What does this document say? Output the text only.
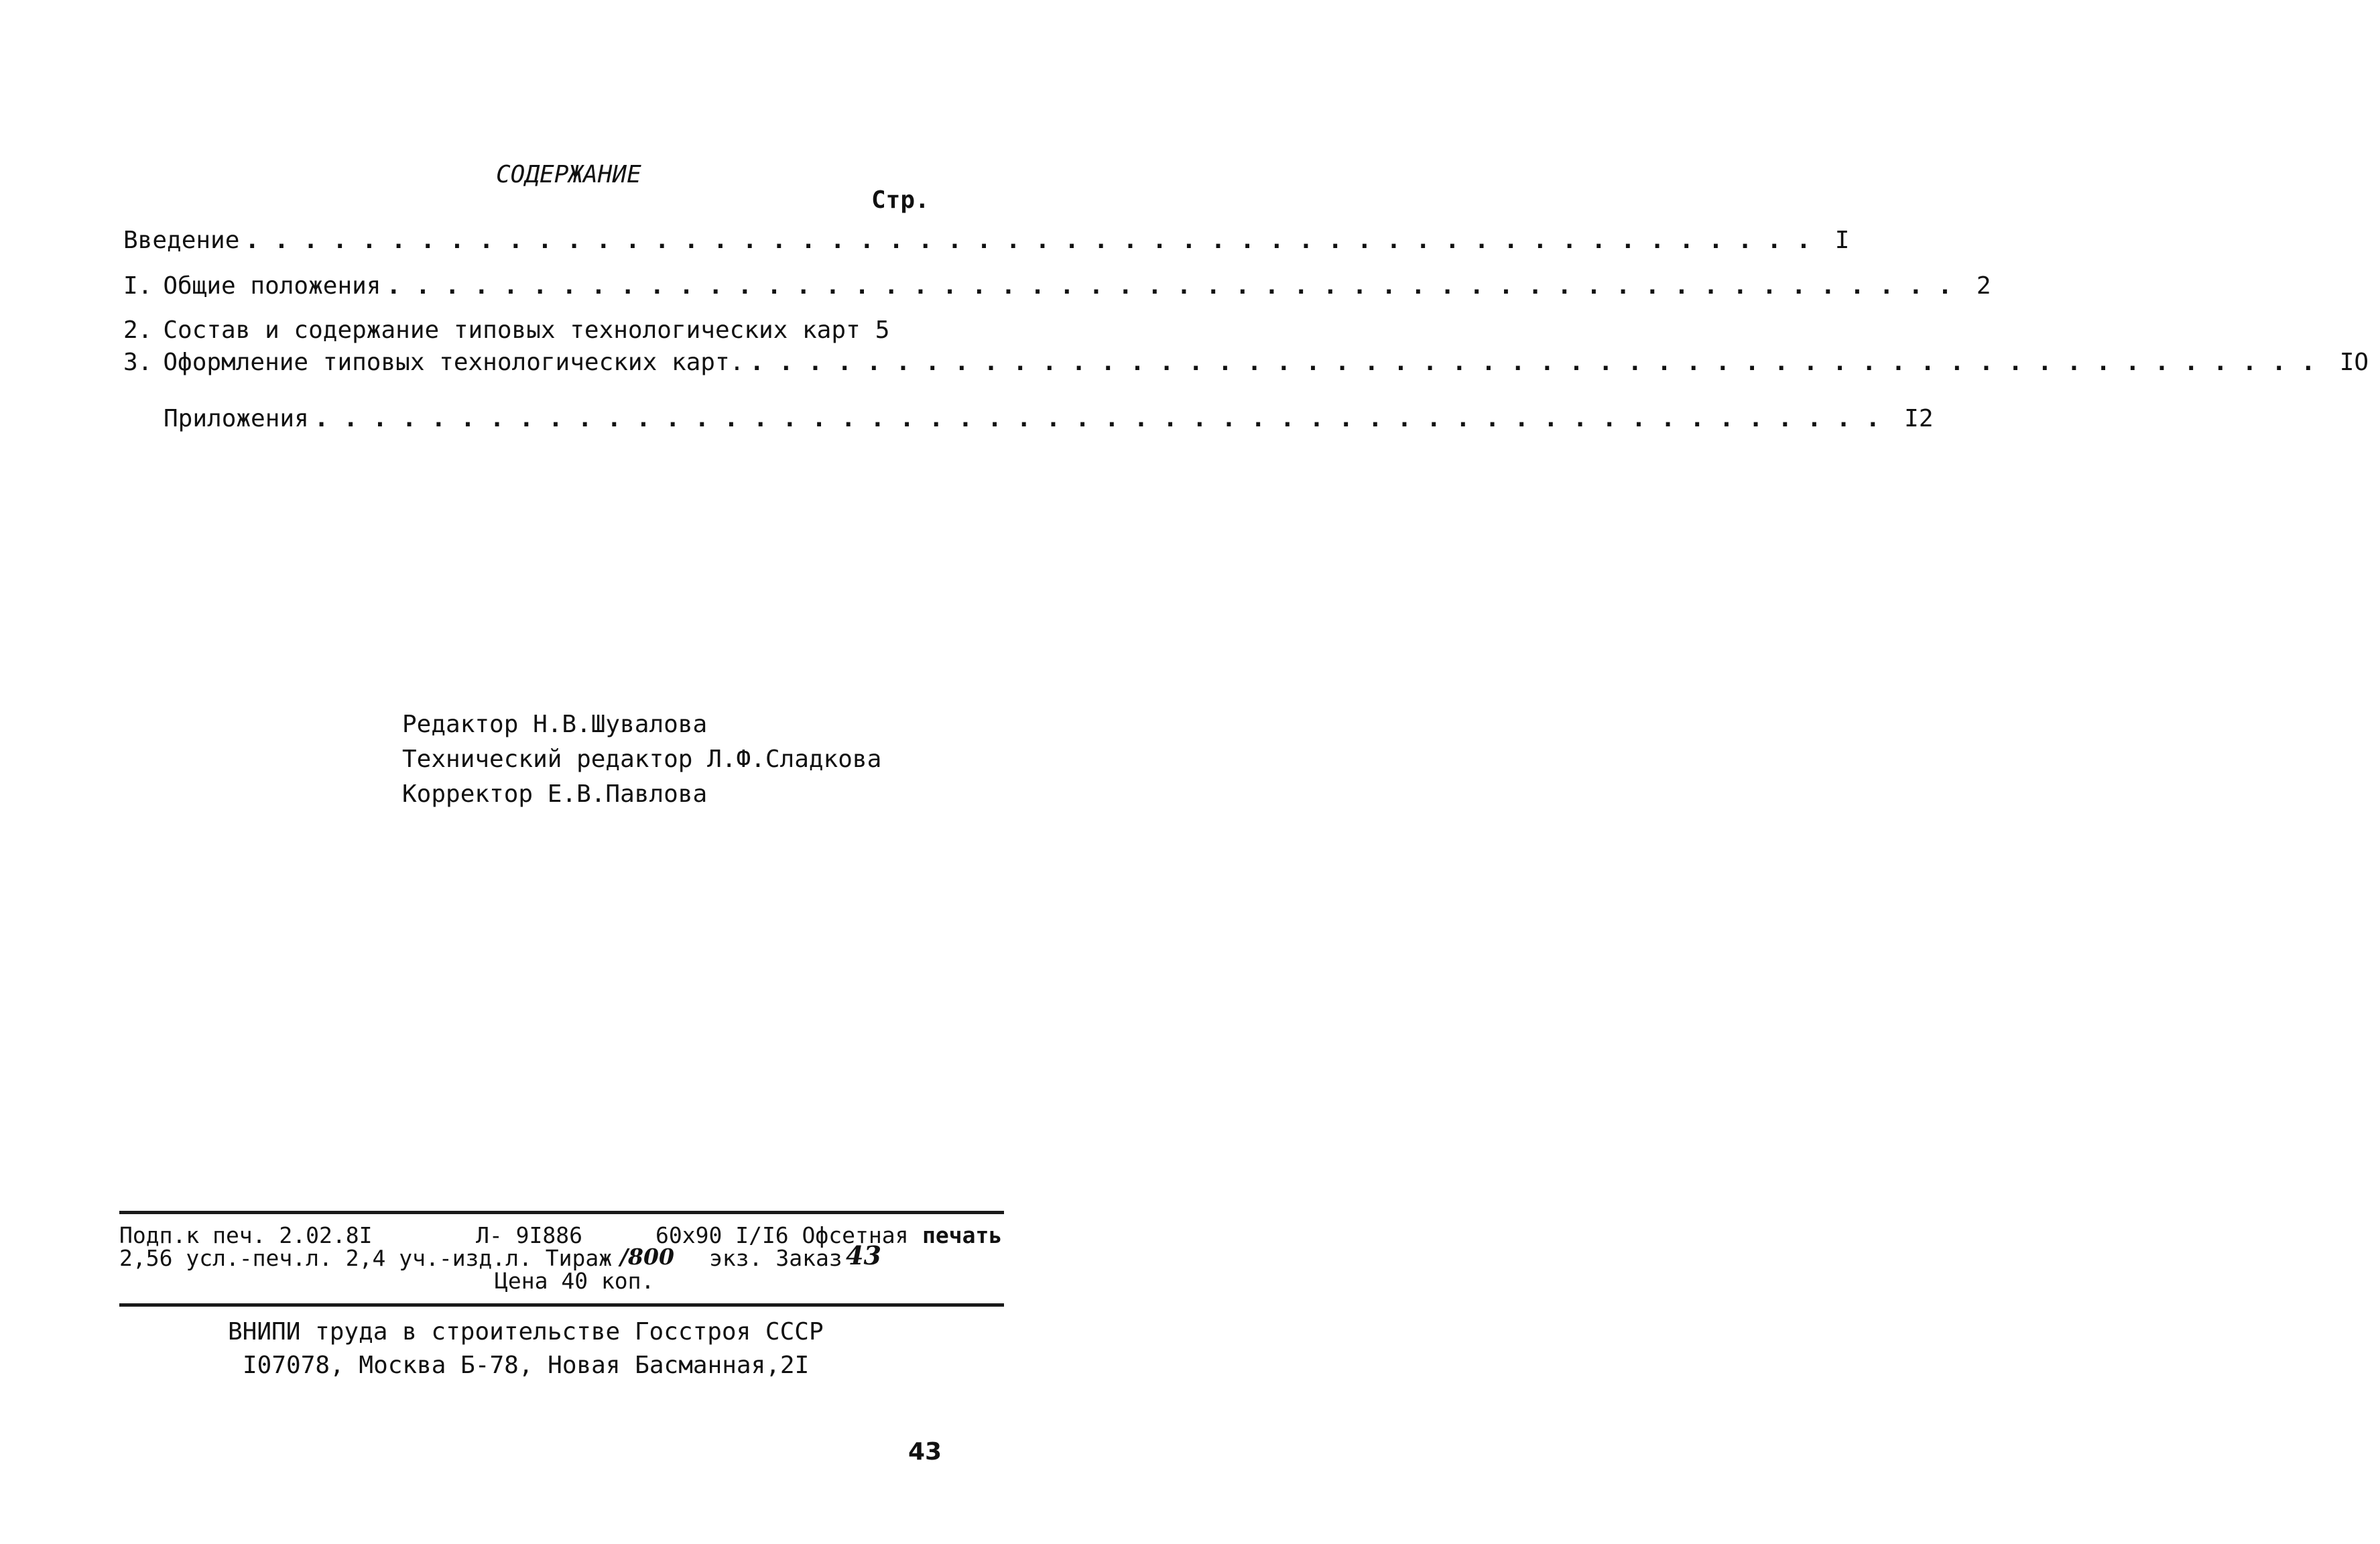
СОДЕРЖАНИЕ
Стр.
Введение ...................................................... I
I. Общие положения ...................................................... 2
2. Состав и содержание типовых технологических карт 5
3. Оформление типовых технологических карт. ...................................................... IO
Приложения ...................................................... I2
Редактор Н.В.Шувалова
Технический редактор Л.Ф.Сладкова
Корректор Е.В.Павлова
Подп.к печ. 2.02.8I	Л- 9I886	60x90 I/I6 Офсетная печать
2,56 усл.-печ.л. 2,4 уч.-изд.л. Тираж /800 экз. Заказ 43
Цена 40 коп.
ВНИПИ труда в строительстве Госстроя СССР
I07078, Москва Б-78, Новая Басманная,2I
43
